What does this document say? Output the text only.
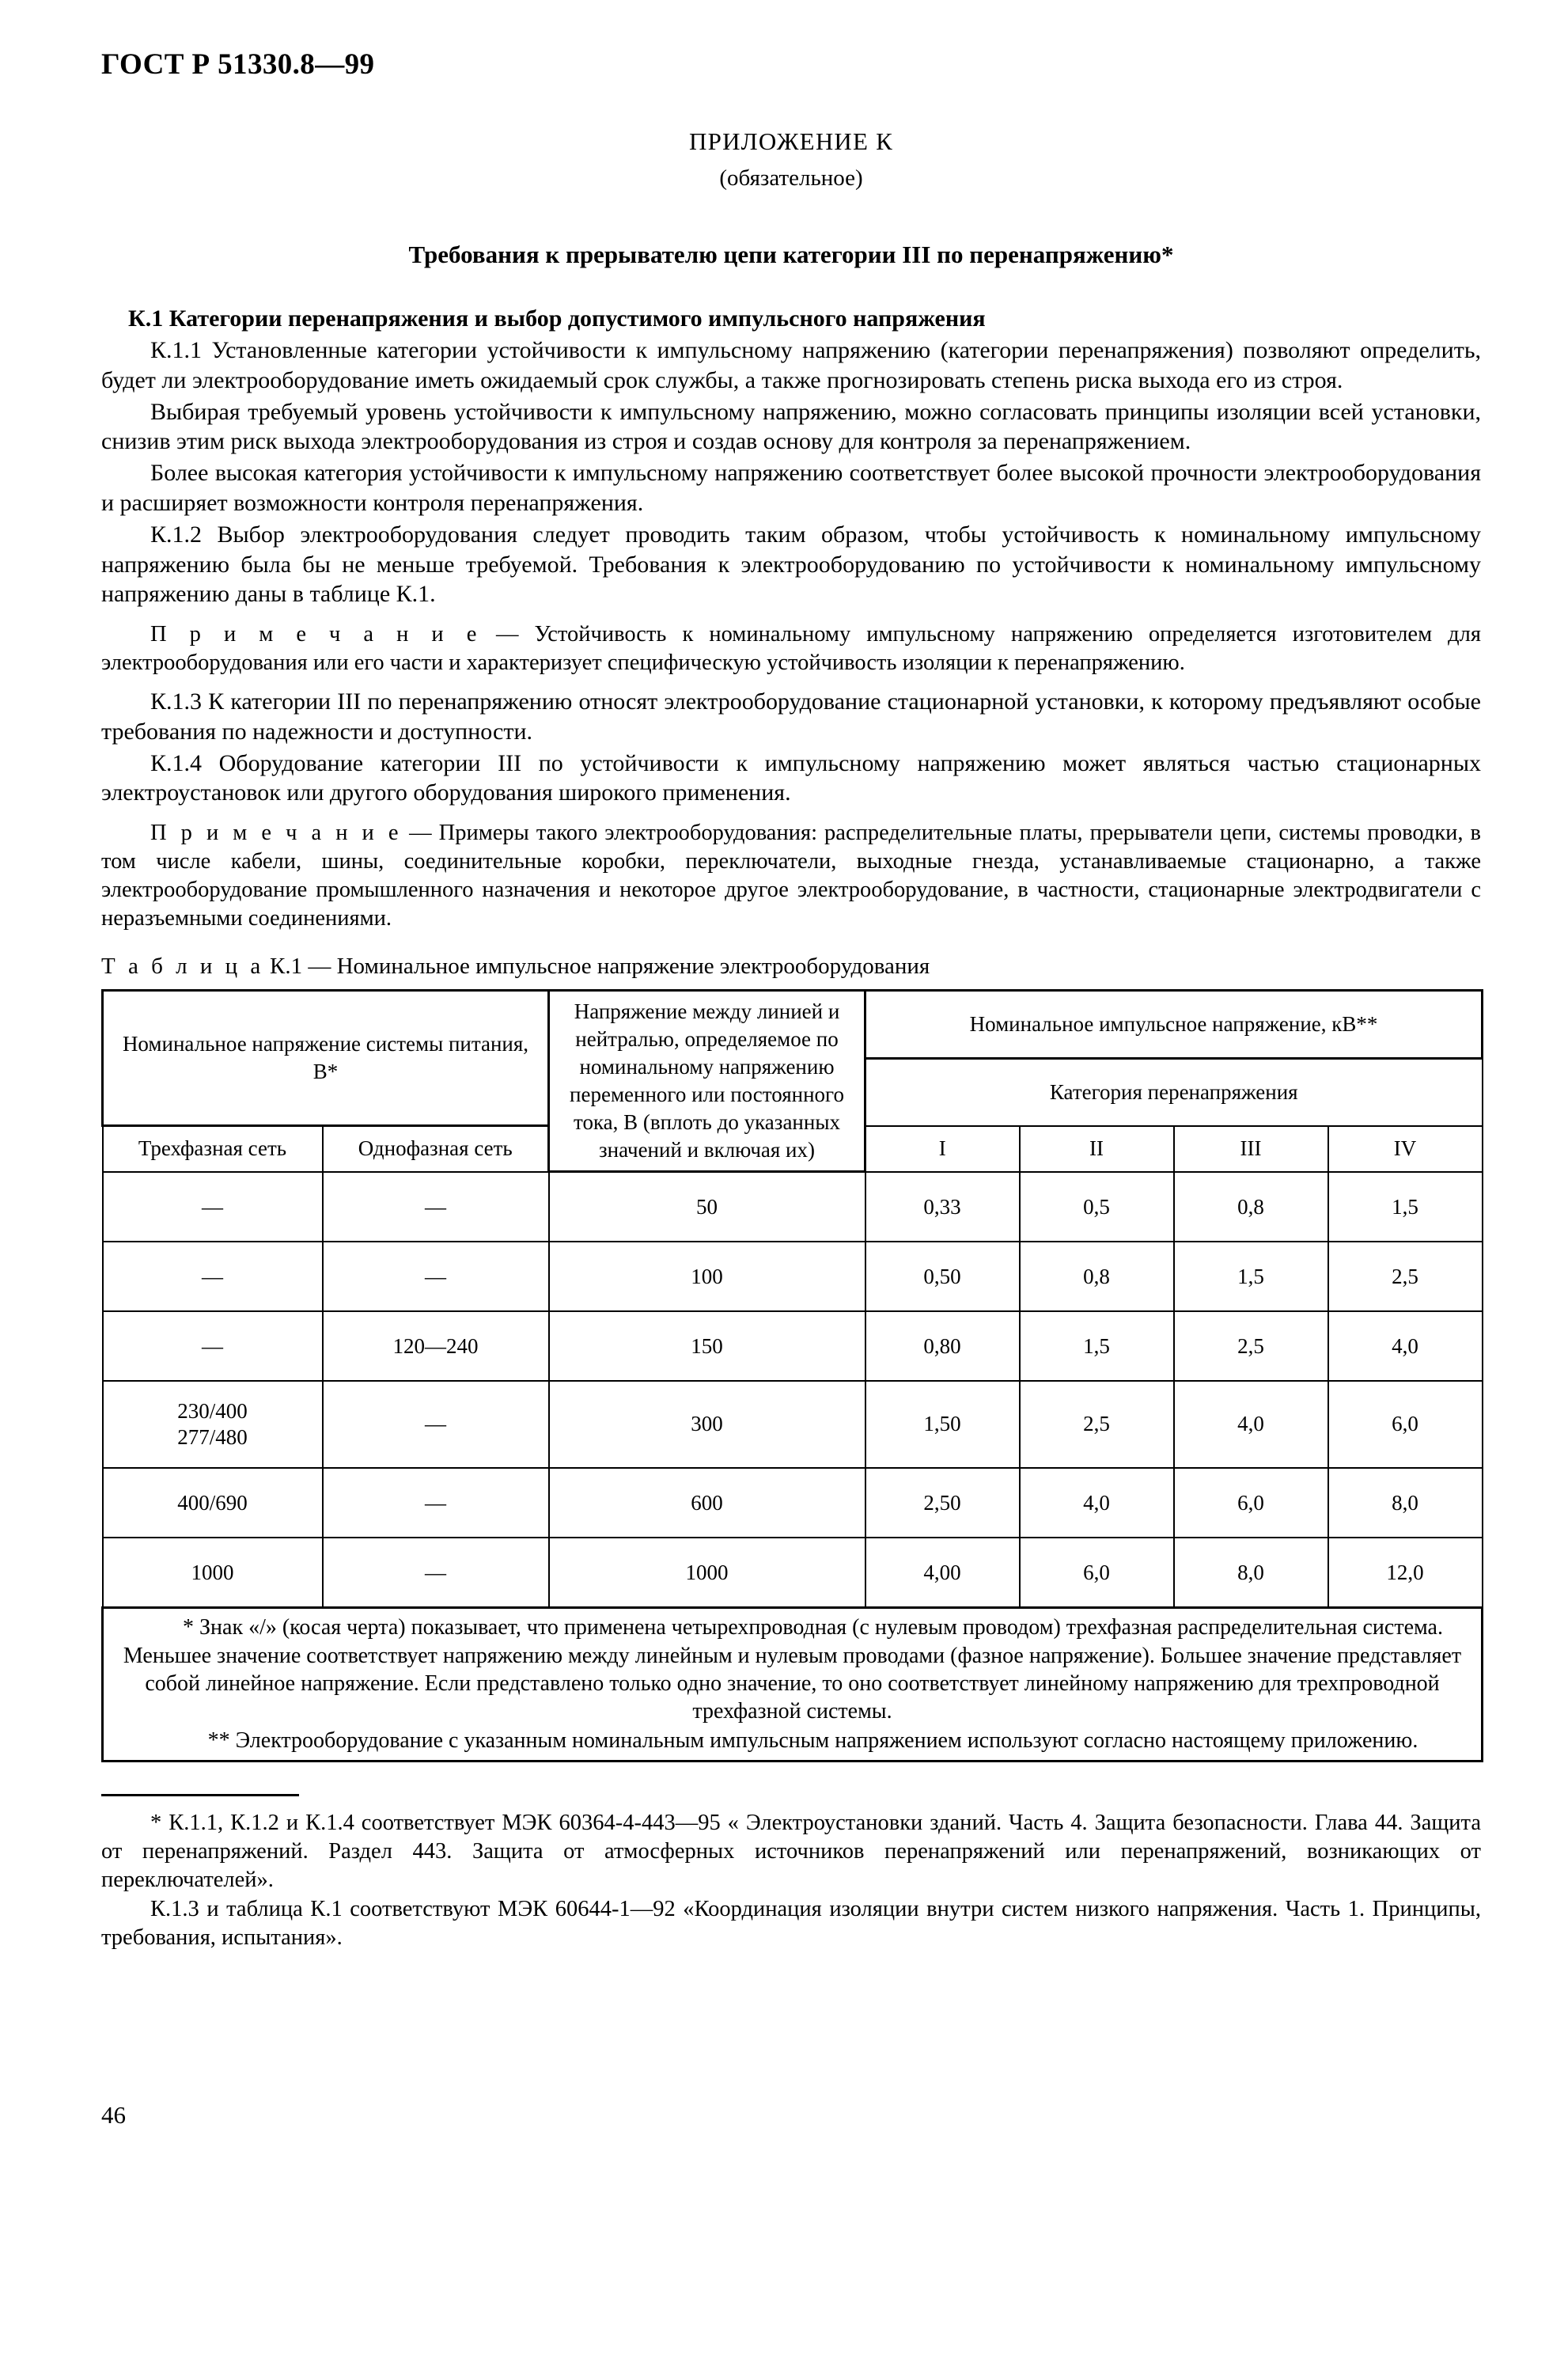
ГОСТ Р 51330.8—99
ПРИЛОЖЕНИЕ К
(обязательное)
Требования к прерывателю цепи категории III по перенапряжению*
К.1 Категории перенапряжения и выбор допустимого импульсного напряжения

К.1.1 Установленные категории устойчивости к импульсному напряжению (категории перенапряжения) позволяют определить, будет ли электрооборудование иметь ожидаемый срок службы, а также прогнозировать степень риска выхода его из строя.

Выбирая требуемый уровень устойчивости к импульсному напряжению, можно согласовать принципы изоляции всей установки, снизив этим риск выхода электрооборудования из строя и создав основу для контроля за перенапряжением.

Более высокая категория устойчивости к импульсному напряжению соответствует более высокой прочности электрооборудования и расширяет возможности контроля перенапряжения.

К.1.2 Выбор электрооборудования следует проводить таким образом, чтобы устойчивость к номинальному импульсному напряжению была бы не меньше требуемой. Требования к электрооборудованию по устойчивости к номинальному импульсному напряжению даны в таблице К.1.

П р и м е ч а н и е — Устойчивость к номинальному импульсному напряжению определяется изготовителем для электрооборудования или его части и характеризует специфическую устойчивость изоляции к перенапряжению.

К.1.3 К категории III по перенапряжению относят электрооборудование стационарной установки, к которому предъявляют особые требования по надежности и доступности.

К.1.4 Оборудование категории III по устойчивости к импульсному напряжению может являться частью стационарных электроустановок или другого оборудования широкого применения.

П р и м е ч а н и е — Примеры такого электрооборудования: распределительные платы, прерыватели цепи, системы проводки, в том числе кабели, шины, соединительные коробки, переключатели, выходные гнезда, устанавливаемые стационарно, а также электрооборудование промышленного назначения и некоторое другое электрооборудование, в частности, стационарные электродвигатели с неразъемными соединениями.

Т а б л и ц а К.1 — Номинальное импульсное напряжение электрооборудования
Номинальное напряжение системы питания, В*		Напряжение между линией и нейтралью, определяемое по номинальному напряжению переменного или постоянного тока, В (вплоть до указанных значений и включая их)	Номинальное импульсное напряжение, кВ**			
			Категория перенапряжения			
Трехфазная сеть	Однофазная сеть		I	II	III	IV
—	—	50	0,33	0,5	0,8	1,5
—	—	100	0,50	0,8	1,5	2,5
—	120—240	150	0,80	1,5	2,5	4,0
230/400
277/480	—	300	1,50	2,5	4,0	6,0
400/690	—	600	2,50	4,0	6,0	8,0
1000	—	1000	4,00	6,0	8,0	12,0

* Знак «/» (косая черта) показывает, что применена четырехпроводная (с нулевым проводом) трехфазная распределительная система. Меньшее значение соответствует напряжению между линейным и нулевым проводами (фазное напряжение). Большее значение представляет собой линейное напряжение. Если представлено только одно значение, то оно соответствует линейному напряжению для трехпроводной трехфазной системы.

** Электрооборудование с указанным номинальным импульсным напряжением используют согласно настоящему приложению.						

* К.1.1, К.1.2 и К.1.4 соответствует МЭК 60364-4-443—95 « Электроустановки зданий. Часть 4. Защита безопасности. Глава 44. Защита от перенапряжений. Раздел 443. Защита от атмосферных источников перенапряжений или перенапряжений, возникающих от переключателей».

К.1.3 и таблица К.1 соответствуют МЭК 60644-1—92 «Координация изоляции внутри систем низкого напряжения. Часть 1. Принципы, требования, испытания».

46
